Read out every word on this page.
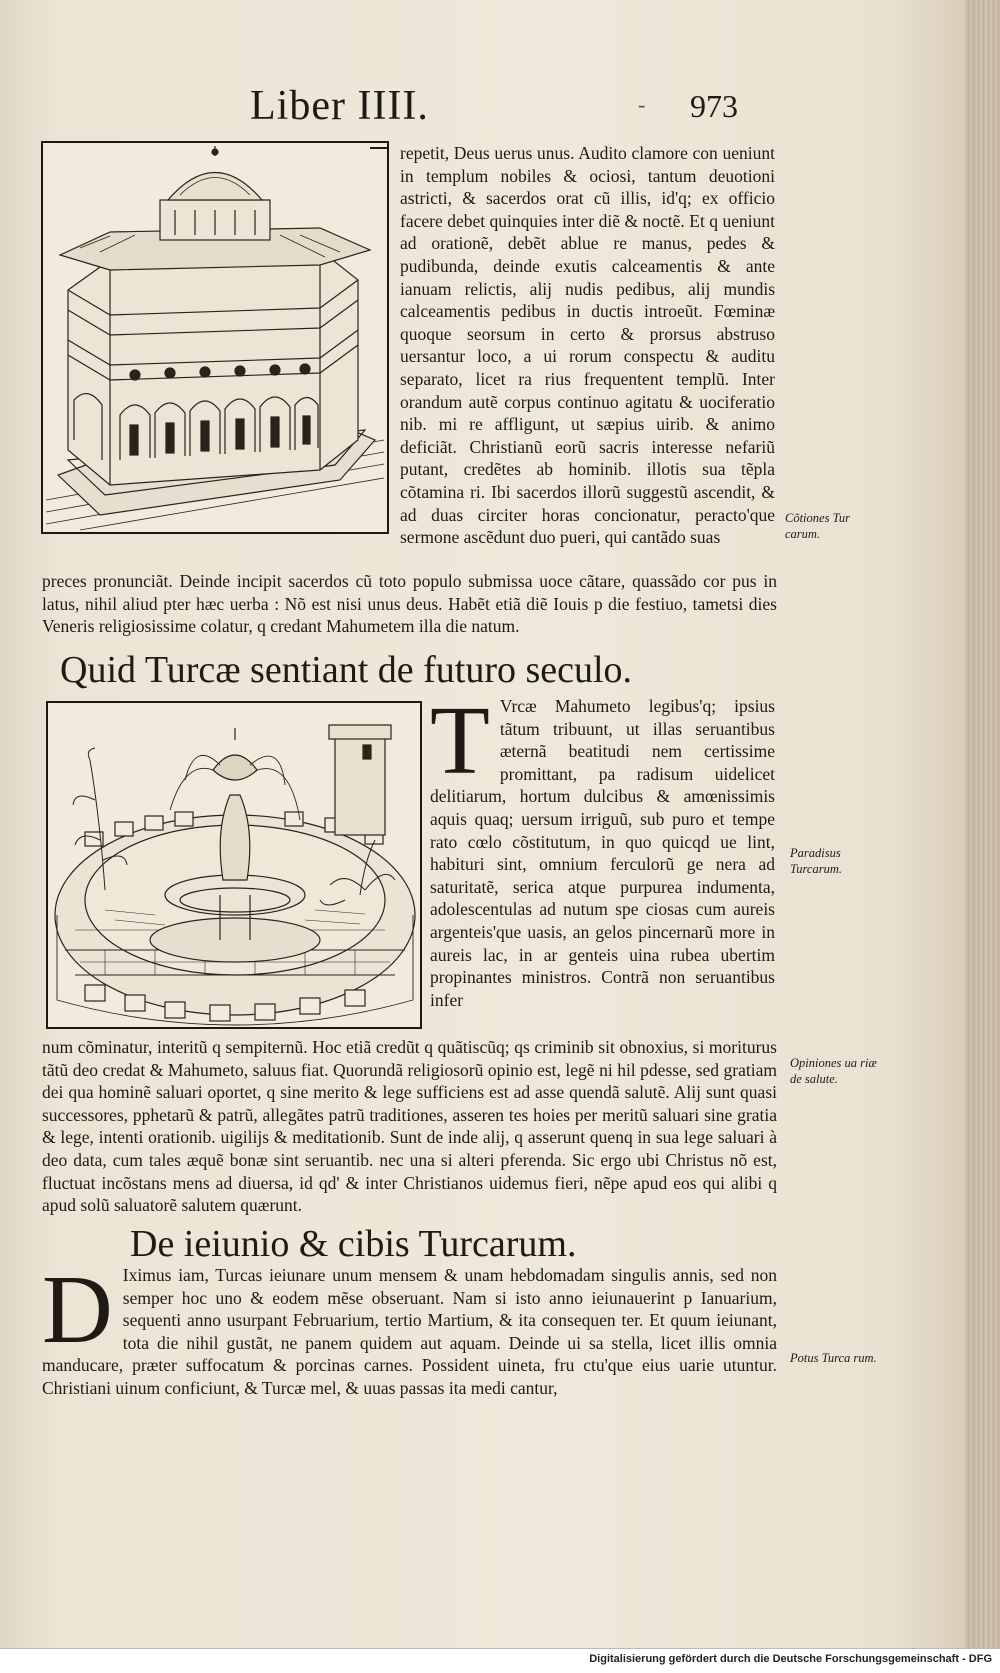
Liber IIII.	- 973
repetit, Deus uerus unus. Audito clamore con ueniunt in templum nobiles & ociosi, tantum deuotioni astricti, & sacerdos orat cũ illis, id'q; ex officio facere debet quinquies inter diẽ & noctẽ. Et q ueniunt ad orationẽ, debẽt ablue re manus, pedes & pudibunda, deinde exutis calceamentis & ante ianuam relictis, alij nudis pedibus, alij mundis calceamentis pedibus in ductis introeũt. Fœminæ quoque seorsum in certo & prorsus abstruso uersantur loco, a ui rorum conspectu & auditu separato, licet ra rius frequentent templũ. Inter orandum autẽ corpus continuo agitatu & uociferatio nib. mi re affligunt, ut sæpius uirib. & animo deficiãt. Christianũ eorũ sacris interesse nefariũ putant, credẽtes ab hominib. illotis sua tẽpla cõtamina ri. Ibi sacerdos illorũ suggestũ ascendit, & ad duas circiter horas concionatur, peracto'que sermone ascẽdunt duo pueri, qui cantãdo suas
preces pronunciãt. Deinde incipit sacerdos cũ toto populo submissa uoce cãtare, quassãdo cor pus in latus, nihil aliud pter hæc uerba : Nõ est nisi unus deus. Habẽt etiã diẽ Iouis p die festiuo, tametsi dies Veneris religiosissime colatur, q credant Mahumetem illa die natum.
Cõtiones Tur carum.
Quid Turcæ sentiant de futuro seculo.
T Vrcæ Mahumeto legibus'q; ipsius tãtum tribuunt, ut illas seruantibus æternã beatitudi nem certissime promittant, pa radisum uidelicet delitiarum, hortum dulcibus & amœnissimis aquis quaq; uersum irriguũ, sub puro et tempe rato cœlo cõstitutum, in quo quicqd ue lint, habituri sint, omnium ferculorũ ge nera ad saturitatẽ, serica atque purpurea indumenta, adolescentulas ad nutum spe ciosas cum aureis argenteis'que uasis, an gelos pincernarũ more in aureis lac, in ar genteis uina rubea ubertim propinantes ministros. Contrã non seruantibus infer
num cõminatur, interitũ q sempiternũ. Hoc etiã credũt q quãtiscũq; qs criminib sit obnoxius, si moriturus tãtũ deo credat & Mahumeto, saluus fiat. Quorundã religiosorũ opinio est, legẽ ni hil pdesse, sed gratiam dei qua hominẽ saluari oportet, q sine merito & lege sufficiens est ad asse quendã salutẽ. Alij sunt quasi successores, pphetarũ & patrũ, allegãtes patrũ traditiones, asseren tes hoies per meritũ saluari sine gratia & lege, intenti orationib. uigilijs & meditationib. Sunt de inde alij, q asserunt quenq in sua lege saluari à deo data, cum tales æquẽ bonæ sint seruantib. nec una si alteri pferenda. Sic ergo ubi Christus nõ est, fluctuat incõstans mens ad diuersa, id qd' & inter Christianos uidemus fieri, nẽpe apud eos qui alibi q apud solũ saluatorẽ salutem quærunt.
Paradisus Turcarum.
Opiniones ua riæ de salute.
De ieiunio & cibis Turcarum.
D Iximus iam, Turcas ieiunare unum mensem & unam hebdomadam singulis annis, sed non semper hoc uno & eodem mẽse obseruant. Nam si isto anno ieiunauerint p Ianuarium, sequenti anno usurpant Februarium, tertio Martium, & ita consequen ter. Et quum ieiunant, tota die nihil gustãt, ne panem quidem aut aquam. Deinde ui sa stella, licet illis omnia manducare, præter suffocatum & porcinas carnes. Possident uineta, fru ctu'que eius uarie utuntur. Christiani uinum conficiunt, & Turcæ mel, & uuas passas ita medi cantur,
Potus Turca rum.
Digitalisierung gefördert durch die Deutsche Forschungsgemeinschaft - DFG
